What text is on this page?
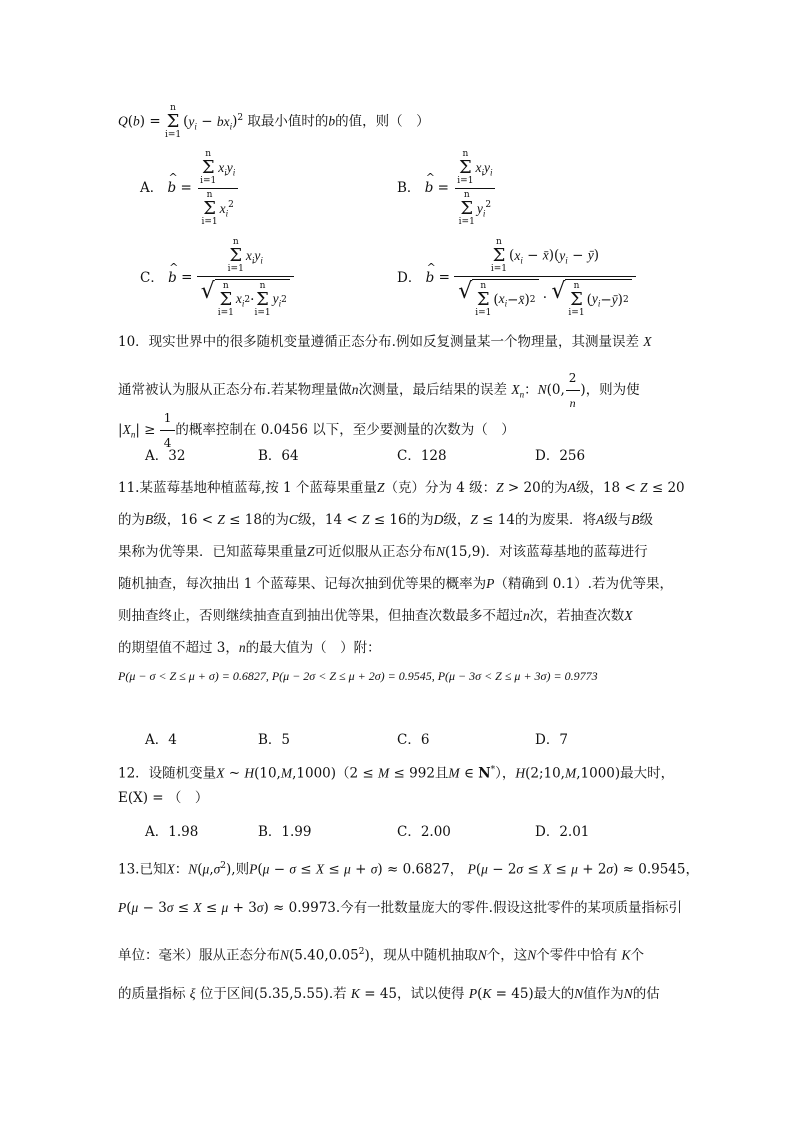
Q(b) =
n
Σ
i=1
$(y_i - bx_i)^2$ 取最小值时的b的值，则（　）
A． ^ b = n
Σ
i=1
$x_iy_i$
n
Σ
i=1
$x_i^2$	B． ^ b = n
Σ
i=1
$x_iy_i$
n
Σ
i=1
$y_i^2$
C． ^ b = n
Σ
i=1
$x_iy_i$
√ n
Σ
i=1
$x_i$ 2 ·
n
Σ
i=1
$y_i$ 2	D． ^ b = n
Σ
i=1
($x_i$ − $x̄)(y_i$ − ȳ)
√ n
Σ
i=1
( $x_i$ − x̄ ) 2 · √ n
Σ
i=1
( $y_i$ − ȳ ) 2
10．现实世界中的很多随机变量遵循正态分布.例如反复测量某一个物理量，其测量误差 X
通常被认为服从正态分布.若某物理量做n次测量，最后结果的误差 $X_n$：N(0, $\frac{2}{n}$ )，则为使
$|X_n| \ge \frac{1}{4}$ 的概率控制在 0.0456 以下，至少要测量的次数为（　）
A．32	B．64	C．128	D．256
11.某蓝莓基地种植蓝莓,按 1 个蓝莓果重量Z（克）分为 4 级：Z > 20的为A级，18 < Z ≤ 20
的为B级，16 < Z ≤ 18的为C级，14 < Z ≤ 16的为D级，Z ≤ 14的为废果．将A级与B级
果称为优等果．已知蓝莓果重量Z可近似服从正态分布N(15,9)．对该蓝莓基地的蓝莓进行
随机抽查，每次抽出 1 个蓝莓果、记每次抽到优等果的概率为P（精确到 0.1）.若为优等果，
则抽查终止，否则继续抽查直到抽出优等果，但抽查次数最多不超过n次，若抽查次数X
的期望值不超过 3，n的最大值为（　）附：
P(μ − σ < Z ≤ μ + σ) = 0.6827, P(μ − 2σ < Z ≤ μ + 2σ) = 0.9545, P(μ − 3σ < Z ≤ μ + 3σ) = 0.9773
A．4	B．5	C．6	D．7
12．设随机变量X ~ H(10,M,1000)（2 ≤ M ≤ 992且M ∈ N*），H(2;10,M,1000)最大时，
E(X) = （　）
A．1.98	B．1.99	C．2.00	D．2.01
13.已知X：$N(\mu,\sigma^2)$,则P(μ − σ ≤ X ≤ μ + σ) ≈ 0.6827， P(μ − 2σ ≤ X ≤ μ + 2σ) ≈ 0.9545，
P(μ − 3σ ≤ X ≤ μ + 3σ) ≈ 0.9973.今有一批数量庞大的零件.假设这批零件的某项质量指标引
单位：毫米）服从正态分布N(5.40,0.05$^2$)，现从中随机抽取N个，这N个零件中恰有 K个
的质量指标 ξ 位于区间(5.35,5.55).若 K = 45，试以使得 P(K = 45)最大的N值作为N的估
